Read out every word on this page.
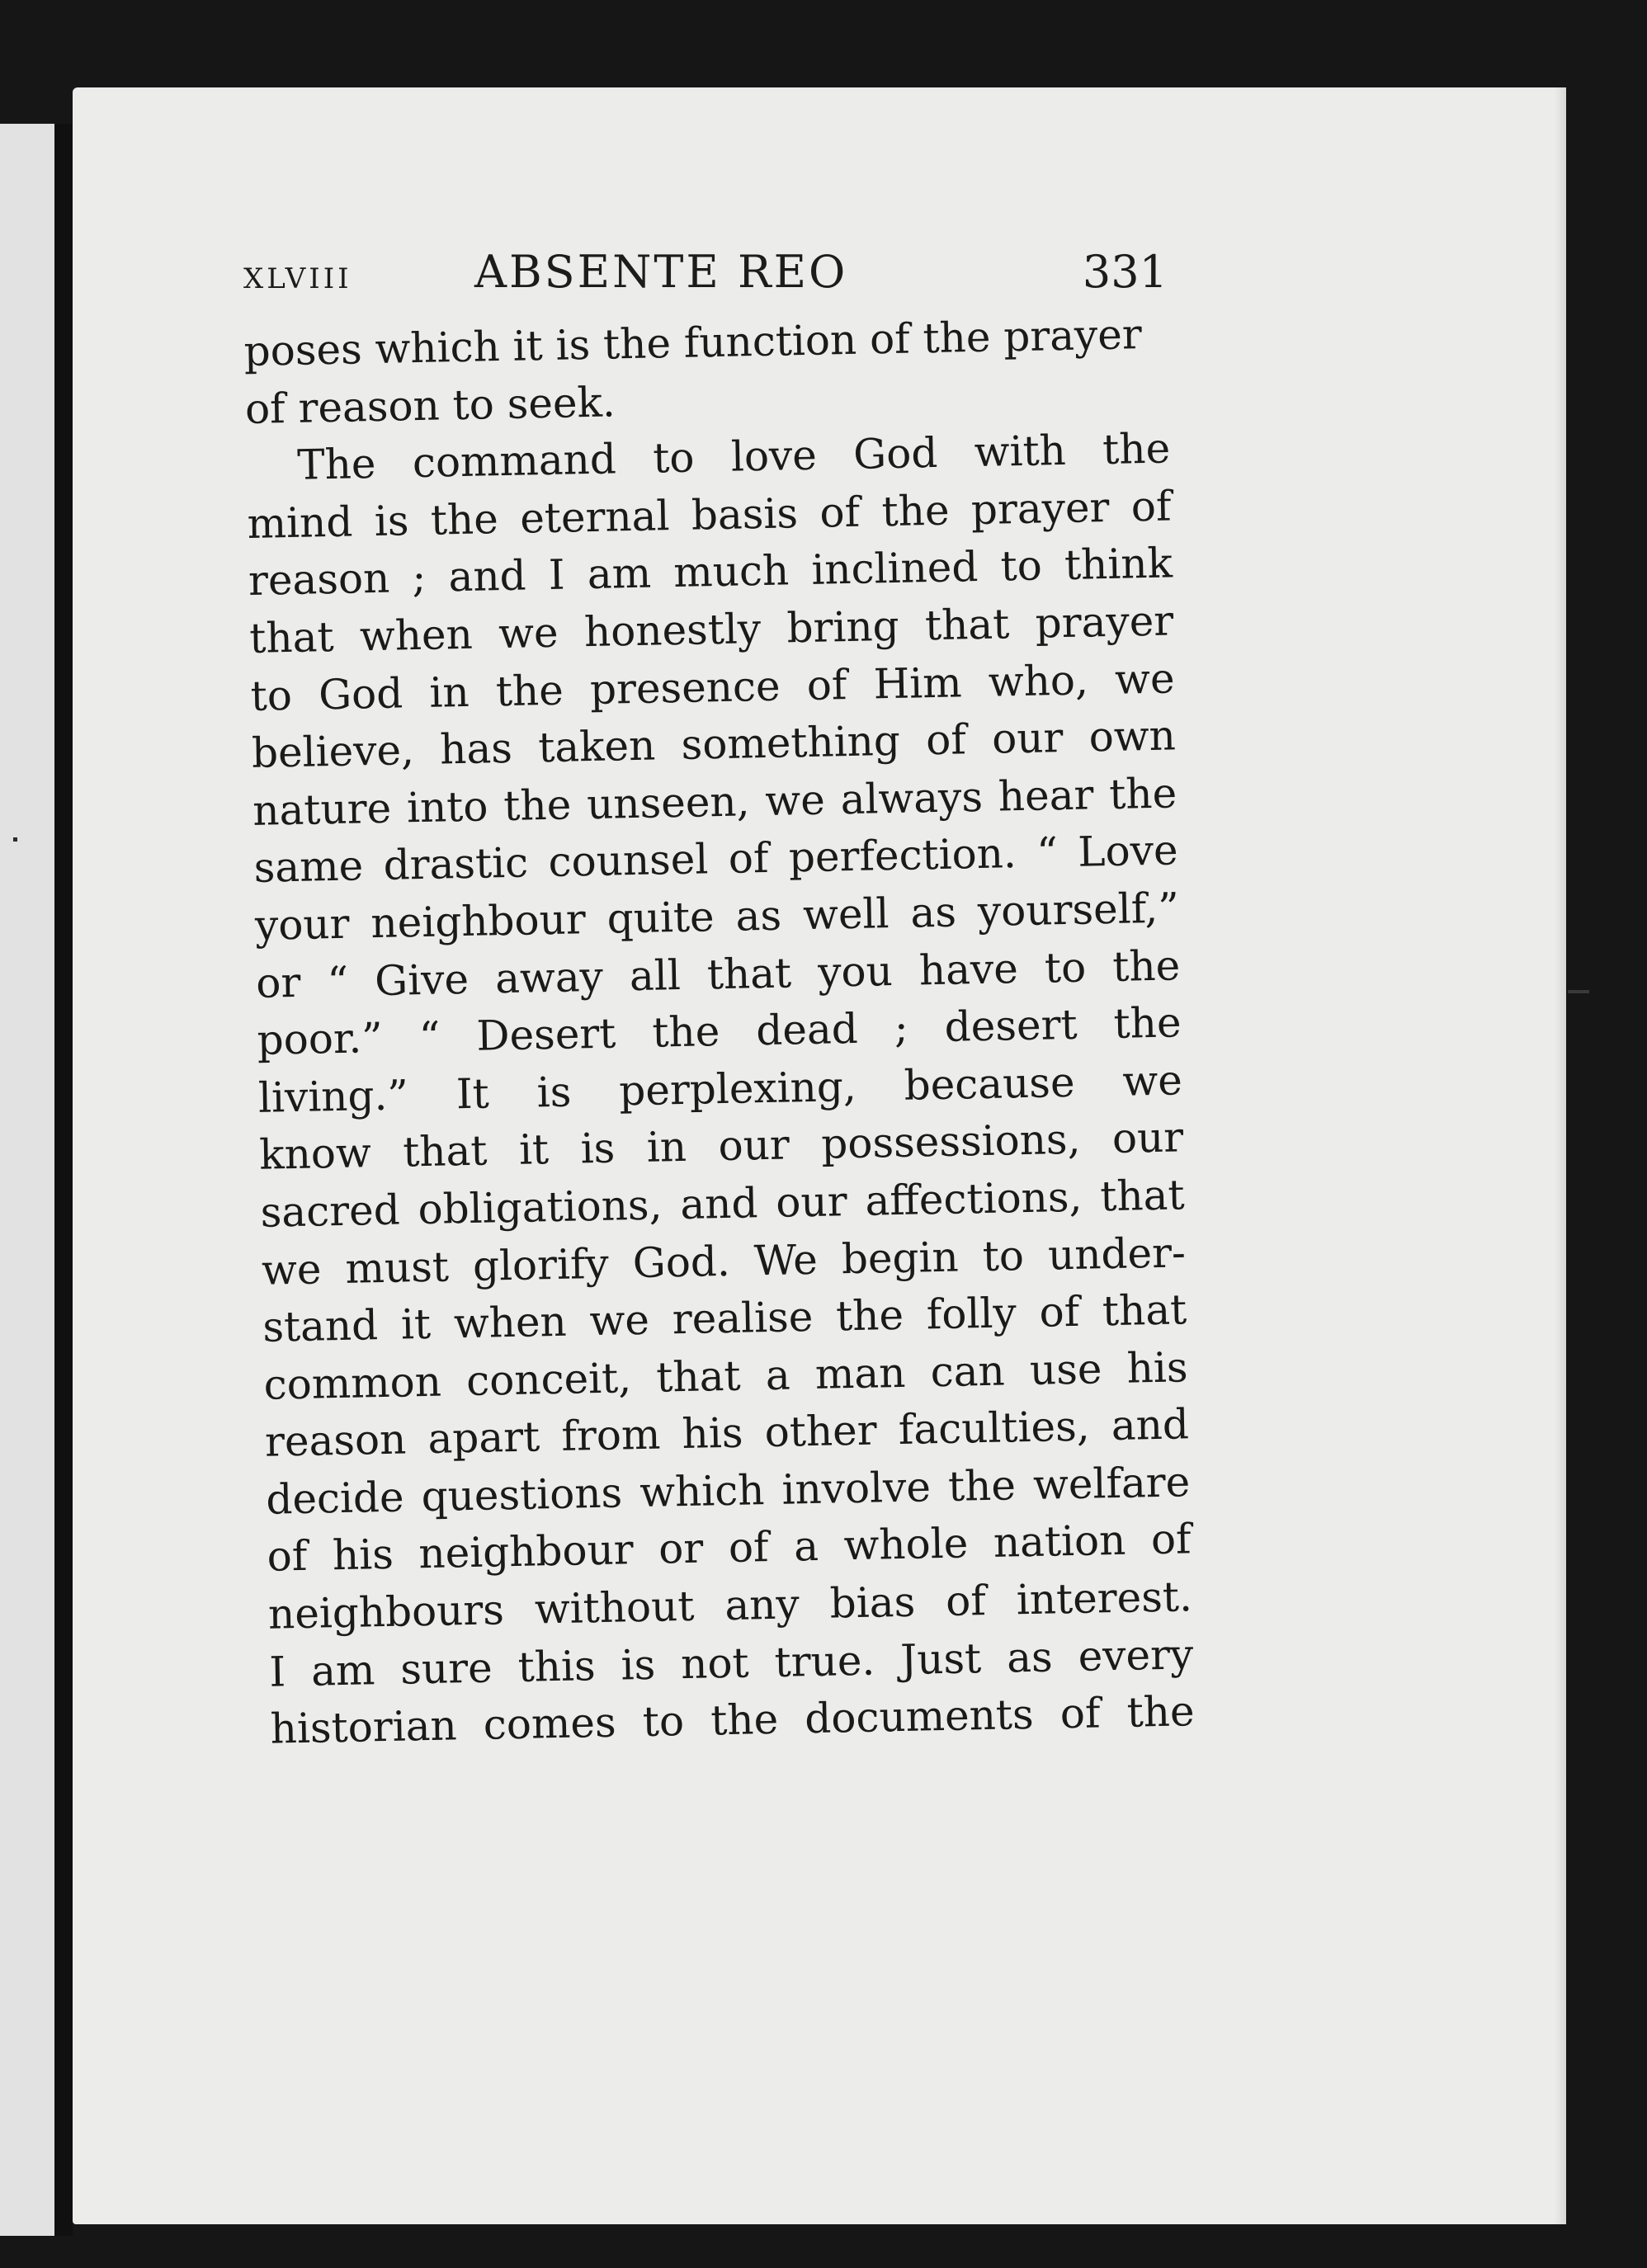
XLVIII	ABSENTE REO	331
poses which it is the function of the prayer
of reason to seek.
The command to love God with the
mind is the eternal basis of the prayer of
reason ; and I am much inclined to think
that when we honestly bring that prayer
to God in the presence of Him who, we
believe, has taken something of our own
nature into the unseen, we always hear the
same drastic counsel of perfection. “ Love
your neighbour quite as well as yourself,”
or “ Give away all that you have to the
poor.” “ Desert the dead ; desert the
living.” It is perplexing, because we
know that it is in our possessions, our
sacred obligations, and our affections, that
we must glorify God. We begin to under-
stand it when we realise the folly of that
common conceit, that a man can use his
reason apart from his other faculties, and
decide questions which involve the welfare
of his neighbour or of a whole nation of
neighbours without any bias of interest.
I am sure this is not true. Just as every
historian comes to the documents of the
